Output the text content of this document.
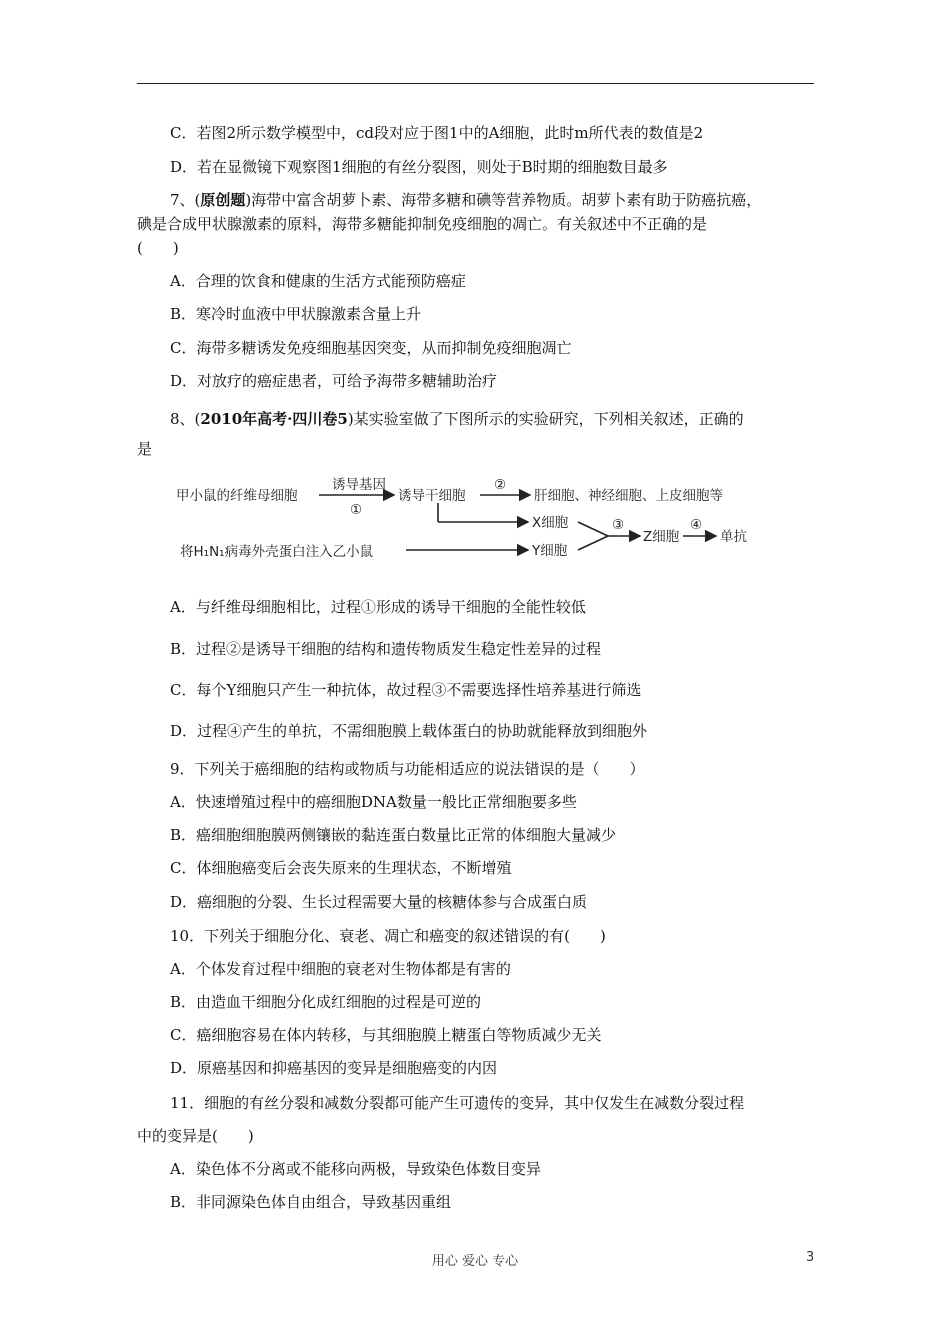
C．若图2所示数学模型中，cd段对应于图1中的A细胞，此时m所代表的数值是2
D．若在显微镜下观察图1细胞的有丝分裂图，则处于B时期的细胞数目最多
7、(原创题)海带中富含胡萝卜素、海带多糖和碘等营养物质。胡萝卜素有助于防癌抗癌，
碘是合成甲状腺激素的原料，海带多糖能抑制免疫细胞的凋亡。有关叙述中不正确的是
(　　)
A．合理的饮食和健康的生活方式能预防癌症
B．寒冷时血液中甲状腺激素含量上升
C．海带多糖诱发免疫细胞基因突变，从而抑制免疫细胞凋亡
D．对放疗的癌症患者，可给予海带多糖辅助治疗
8、(2010年高考·四川卷5)某实验室做了下图所示的实验研究，下列相关叙述，正确的
是
甲小鼠的纤维母细胞
诱导基因
①
诱导干细胞
②
肝细胞、神经细胞、上皮细胞等
X细胞
将H₁N₁病毒外壳蛋白注入乙小鼠	Y细胞
③
Z细胞
④
单抗
A．与纤维母细胞相比，过程①形成的诱导干细胞的全能性较低
B．过程②是诱导干细胞的结构和遗传物质发生稳定性差异的过程
C．每个Y细胞只产生一种抗体，故过程③不需要选择性培养基进行筛选
D．过程④产生的单抗，不需细胞膜上载体蛋白的协助就能释放到细胞外
9．下列关于癌细胞的结构或物质与功能相适应的说法错误的是（　　）
A．快速增殖过程中的癌细胞DNA数量一般比正常细胞要多些
B．癌细胞细胞膜两侧镶嵌的黏连蛋白数量比正常的体细胞大量减少
C．体细胞癌变后会丧失原来的生理状态，不断增殖
D．癌细胞的分裂、生长过程需要大量的核糖体参与合成蛋白质
10．下列关于细胞分化、衰老、凋亡和癌变的叙述错误的有(　　)
A．个体发育过程中细胞的衰老对生物体都是有害的
B．由造血干细胞分化成红细胞的过程是可逆的
C．癌细胞容易在体内转移，与其细胞膜上糖蛋白等物质减少无关
D．原癌基因和抑癌基因的变异是细胞癌变的内因
11．细胞的有丝分裂和减数分裂都可能产生可遗传的变异，其中仅发生在减数分裂过程
中的变异是(　　)
A．染色体不分离或不能移向两极，导致染色体数目变异
B．非同源染色体自由组合，导致基因重组
用心 爱心 专心	3
